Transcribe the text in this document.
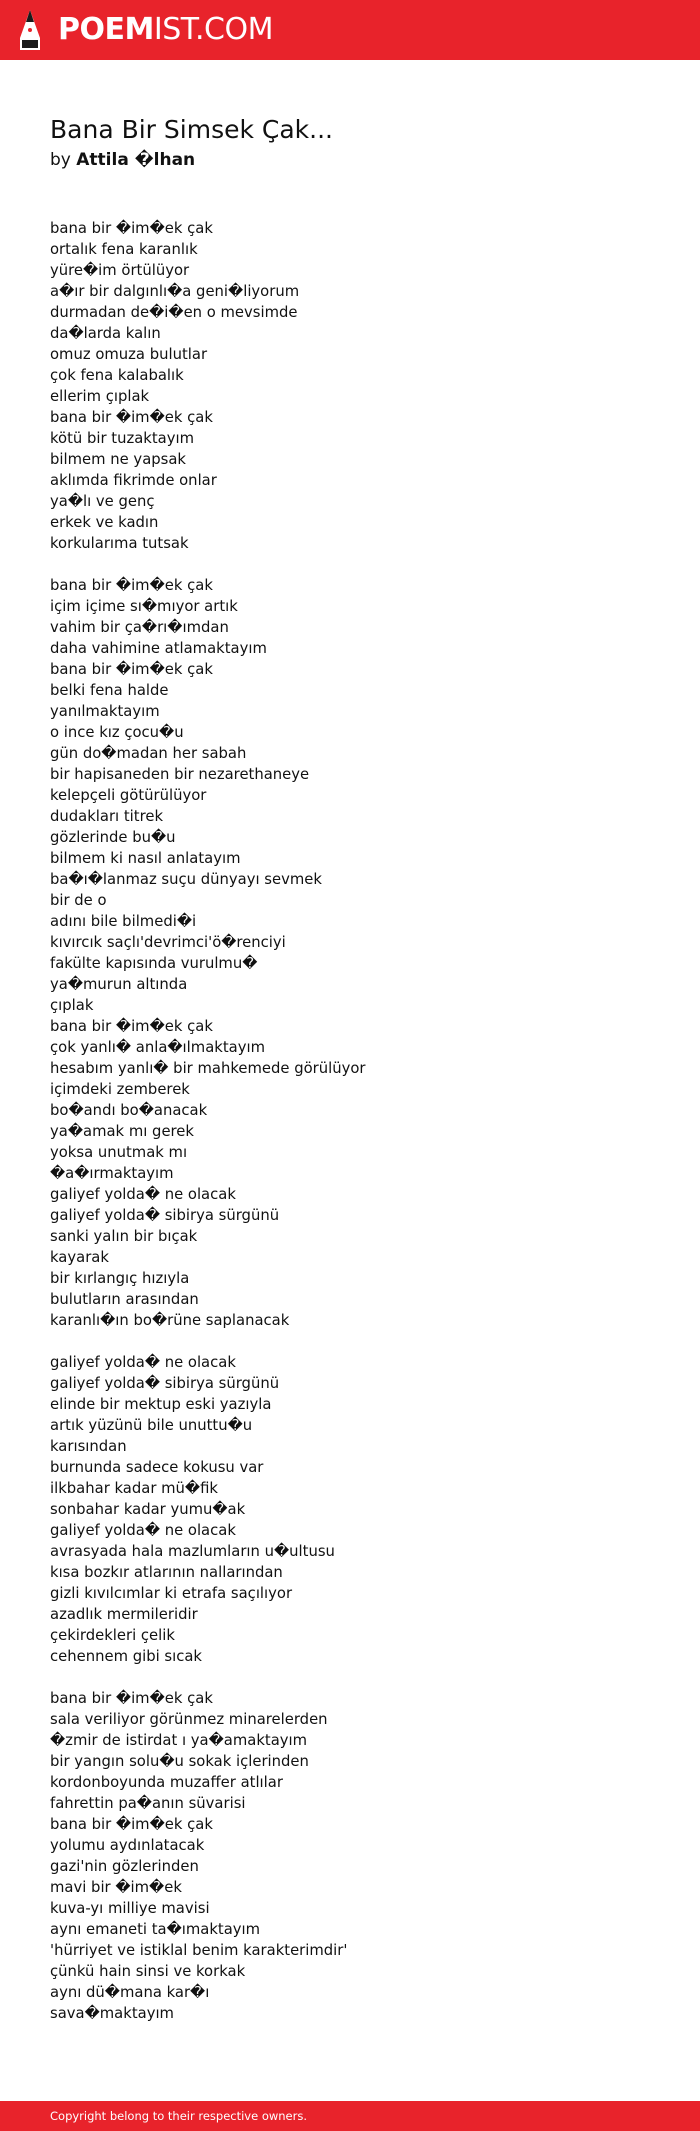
POEMIST.COM
Bana Bir Simsek Çak...
by Attila �lhan
bana bir �im�ek çak
ortalık fena karanlık
yüre�im örtülüyor
a�ır bir dalgınlı�a geni�liyorum
durmadan de�i�en o mevsimde
da�larda kalın
omuz omuza bulutlar
çok fena kalabalık
ellerim çıplak
bana bir �im�ek çak
kötü bir tuzaktayım
bilmem ne yapsak
aklımda fikrimde onlar
ya�lı ve genç
erkek ve kadın
korkularıma tutsak
bana bir �im�ek çak
içim içime sı�mıyor artık
vahim bir ça�rı�ımdan
daha vahimine atlamaktayım
bana bir �im�ek çak
belki fena halde
yanılmaktayım
o ince kız çocu�u
gün do�madan her sabah
bir hapisaneden bir nezarethaneye
kelepçeli götürülüyor
dudakları titrek
gözlerinde bu�u
bilmem ki nasıl anlatayım
ba�ı�lanmaz suçu dünyayı sevmek
bir de o
adını bile bilmedi�i
kıvırcık saçlı'devrimci'ö�renciyi
fakülte kapısında vurulmu�
ya�murun altında
çıplak
bana bir �im�ek çak
çok yanlı� anla�ılmaktayım
hesabım yanlı� bir mahkemede görülüyor
içimdeki zemberek
bo�andı bo�anacak
ya�amak mı gerek
yoksa unutmak mı
�a�ırmaktayım
galiyef yolda� ne olacak
galiyef yolda� sibirya sürgünü
sanki yalın bir bıçak
kayarak
bir kırlangıç hızıyla
bulutların arasından
karanlı�ın bo�rüne saplanacak
galiyef yolda� ne olacak
galiyef yolda� sibirya sürgünü
elinde bir mektup eski yazıyla
artık yüzünü bile unuttu�u
karısından
burnunda sadece kokusu var
ilkbahar kadar mü�fik
sonbahar kadar yumu�ak
galiyef yolda� ne olacak
avrasyada hala mazlumların u�ultusu
kısa bozkır atlarının nallarından
gizli kıvılcımlar ki etrafa saçılıyor
azadlık mermileridir
çekirdekleri çelik
cehennem gibi sıcak
bana bir �im�ek çak
sala veriliyor görünmez minarelerden
�zmir de istirdat ı ya�amaktayım
bir yangın solu�u sokak içlerinden
kordonboyunda muzaffer atlılar
fahrettin pa�anın süvarisi
bana bir �im�ek çak
yolumu aydınlatacak
gazi'nin gözlerinden
mavi bir �im�ek
kuva-yı milliye mavisi
aynı emaneti ta�ımaktayım
'hürriyet ve istiklal benim karakterimdir'
çünkü hain sinsi ve korkak
aynı dü�mana kar�ı
sava�maktayım
Copyright belong to their respective owners.
